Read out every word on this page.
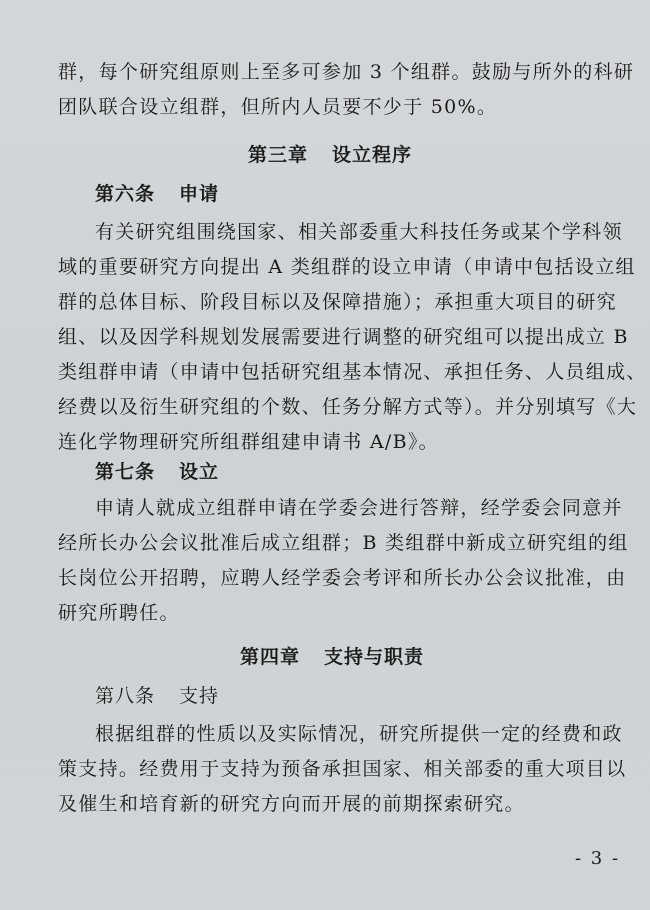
群，每个研究组原则上至多可参加 3 个组群。鼓励与所外的科研
团队联合设立组群，但所内人员要不少于 50%。
第三章 设立程序
第六条 申请
有关研究组围绕国家、相关部委重大科技任务或某个学科领
域的重要研究方向提出 A 类组群的设立申请（申请中包括设立组
群的总体目标、阶段目标以及保障措施）；承担重大项目的研究
组、以及因学科规划发展需要进行调整的研究组可以提出成立 B
类组群申请（申请中包括研究组基本情况、承担任务、人员组成、
经费以及衍生研究组的个数、任务分解方式等）。并分别填写《大
连化学物理研究所组群组建申请书 A/B》。
第七条 设立
申请人就成立组群申请在学委会进行答辩，经学委会同意并
经所长办公会议批准后成立组群；B 类组群中新成立研究组的组
长岗位公开招聘，应聘人经学委会考评和所长办公会议批准，由
研究所聘任。
第四章 支持与职责
第八条 支持
根据组群的性质以及实际情况，研究所提供一定的经费和政
策支持。经费用于支持为预备承担国家、相关部委的重大项目以
及催生和培育新的研究方向而开展的前期探索研究。
- 3 -
